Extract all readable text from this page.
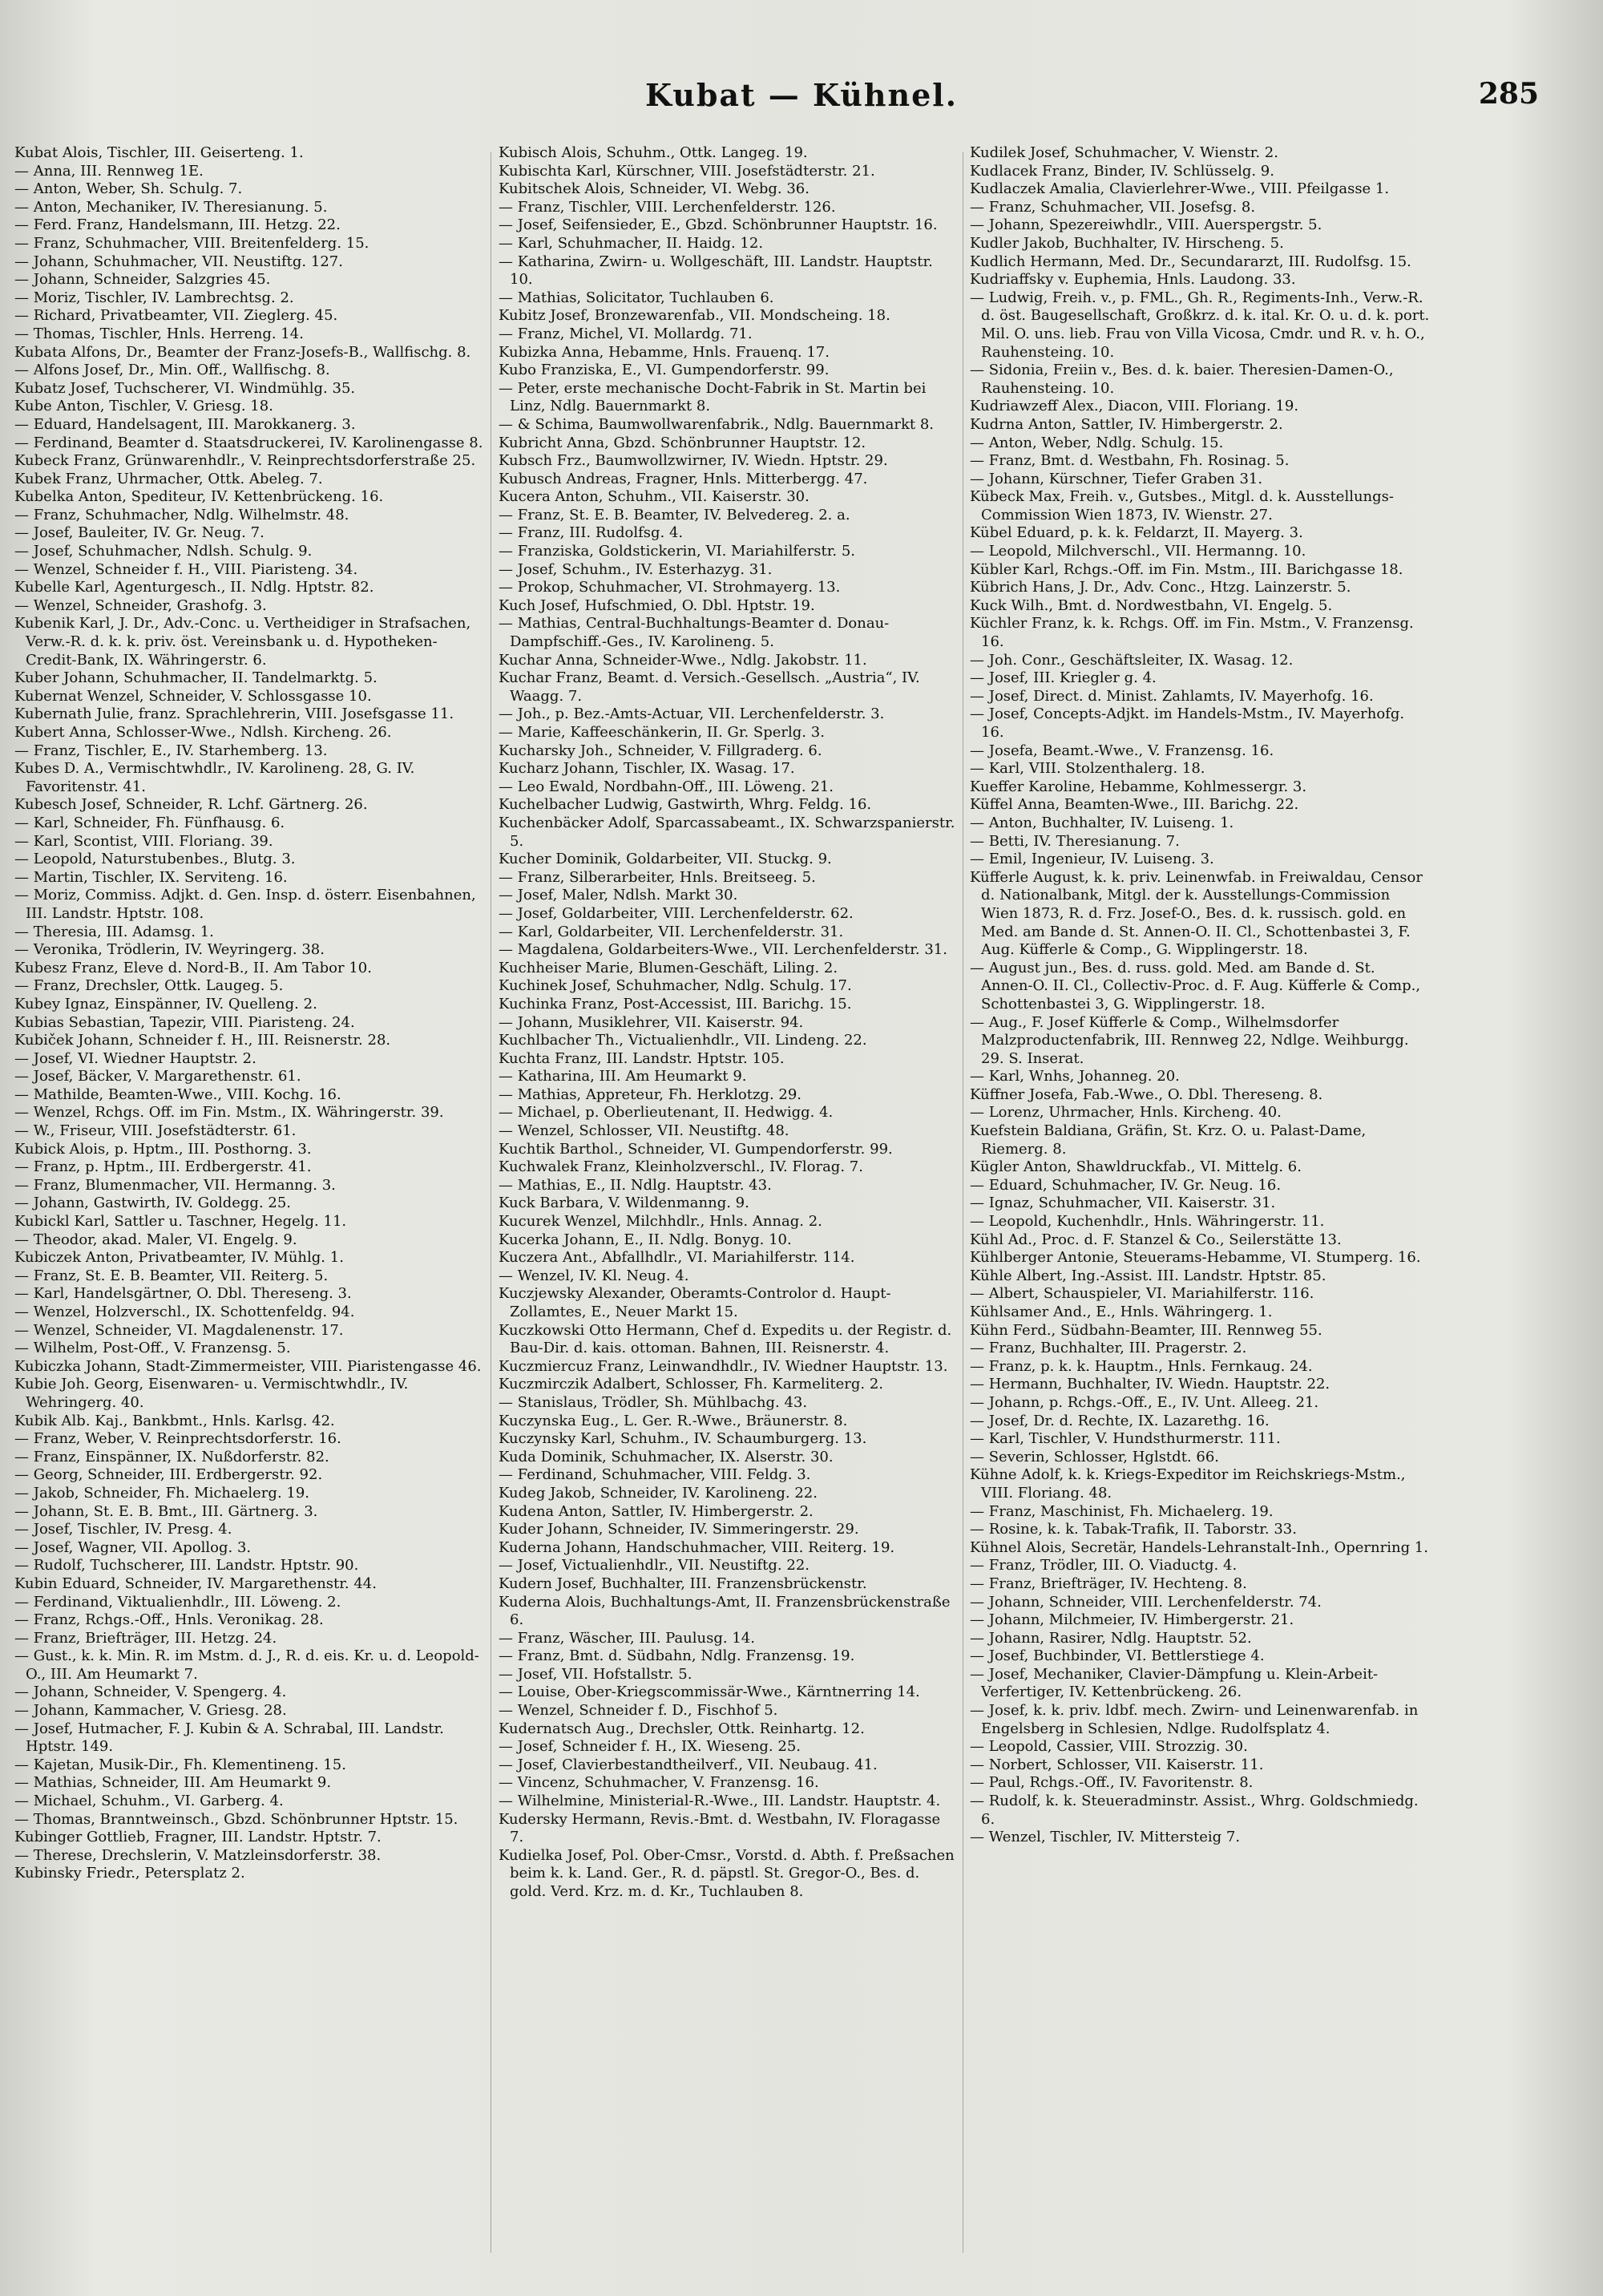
Kubat — Kühnel.	285

Kubat Alois, Tischler, III. Geiserteng. 1.

— Anna, III. Rennweg 1E.

— Anton, Weber, Sh. Schulg. 7.

— Anton, Mechaniker, IV. Theresianung. 5.

— Ferd. Franz, Handelsmann, III. Hetzg. 22.

— Franz, Schuhmacher, VIII. Breitenfelderg. 15.

— Johann, Schuhmacher, VII. Neustiftg. 127.

— Johann, Schneider, Salzgries 45.

— Moriz, Tischler, IV. Lambrechtsg. 2.

— Richard, Privatbeamter, VII. Zieglerg. 45.

— Thomas, Tischler, Hnls. Herreng. 14.

Kubata Alfons, Dr., Beamter der Franz-Josefs-B., Wallfischg. 8.

— Alfons Josef, Dr., Min. Off., Wallfischg. 8.

Kubatz Josef, Tuchscherer, VI. Windmühlg. 35.

Kube Anton, Tischler, V. Griesg. 18.

— Eduard, Handelsagent, III. Marokkanerg. 3.

— Ferdinand, Beamter d. Staatsdruckerei, IV. Karolinengasse 8.

Kubeck Franz, Grünwarenhdlr., V. Reinprechtsdorferstraße 25.

Kubek Franz, Uhrmacher, Ottk. Abeleg. 7.

Kubelka Anton, Spediteur, IV. Kettenbrückeng. 16.

— Franz, Schuhmacher, Ndlg. Wilhelmstr. 48.

— Josef, Bauleiter, IV. Gr. Neug. 7.

— Josef, Schuhmacher, Ndlsh. Schulg. 9.

— Wenzel, Schneider f. H., VIII. Piaristeng. 34.

Kubelle Karl, Agenturgesch., II. Ndlg. Hptstr. 82.

— Wenzel, Schneider, Grashofg. 3.

Kubenik Karl, J. Dr., Adv.-Conc. u. Vertheidiger in Strafsachen, Verw.-R. d. k. k. priv. öst. Vereinsbank u. d. Hypotheken-Credit-Bank, IX. Währingerstr. 6.

Kuber Johann, Schuhmacher, II. Tandelmarktg. 5.

Kubernat Wenzel, Schneider, V. Schlossgasse 10.

Kubernath Julie, franz. Sprachlehrerin, VIII. Josefsgasse 11.

Kubert Anna, Schlosser-Wwe., Ndlsh. Kircheng. 26.

— Franz, Tischler, E., IV. Starhemberg. 13.

Kubes D. A., Vermischtwhdlr., IV. Karolineng. 28, G. IV. Favoritenstr. 41.

Kubesch Josef, Schneider, R. Lchf. Gärtnerg. 26.

— Karl, Schneider, Fh. Fünfhausg. 6.

— Karl, Scontist, VIII. Floriang. 39.

— Leopold, Naturstubenbes., Blutg. 3.

— Martin, Tischler, IX. Serviteng. 16.

— Moriz, Commiss. Adjkt. d. Gen. Insp. d. österr. Eisenbahnen, III. Landstr. Hptstr. 108.

— Theresia, III. Adamsg. 1.

— Veronika, Trödlerin, IV. Weyringerg. 38.

Kubesz Franz, Eleve d. Nord-B., II. Am Tabor 10.

— Franz, Drechsler, Ottk. Laugeg. 5.

Kubey Ignaz, Einspänner, IV. Quelleng. 2.

Kubias Sebastian, Tapezir, VIII. Piaristeng. 24.

Kubiček Johann, Schneider f. H., III. Reisnerstr. 28.

— Josef, VI. Wiedner Hauptstr. 2.

— Josef, Bäcker, V. Margarethenstr. 61.

— Mathilde, Beamten-Wwe., VIII. Kochg. 16.

— Wenzel, Rchgs. Off. im Fin. Mstm., IX. Währingerstr. 39.

— W., Friseur, VIII. Josefstädterstr. 61.

Kubick Alois, p. Hptm., III. Posthorng. 3.

— Franz, p. Hptm., III. Erdbergerstr. 41.

— Franz, Blumenmacher, VII. Hermanng. 3.

— Johann, Gastwirth, IV. Goldegg. 25.

Kubickl Karl, Sattler u. Taschner, Hegelg. 11.

— Theodor, akad. Maler, VI. Engelg. 9.

Kubiczek Anton, Privatbeamter, IV. Mühlg. 1.

— Franz, St. E. B. Beamter, VII. Reiterg. 5.

— Karl, Handelsgärtner, O. Dbl. Thereseng. 3.

— Wenzel, Holzverschl., IX. Schottenfeldg. 94.

— Wenzel, Schneider, VI. Magdalenenstr. 17.

— Wilhelm, Post-Off., V. Franzensg. 5.

Kubiczka Johann, Stadt-Zimmermeister, VIII. Piaristengasse 46.

Kubie Joh. Georg, Eisenwaren- u. Vermischtwhdlr., IV. Wehringerg. 40.

Kubik Alb. Kaj., Bankbmt., Hnls. Karlsg. 42.

— Franz, Weber, V. Reinprechtsdorferstr. 16.

— Franz, Einspänner, IX. Nußdorferstr. 82.

— Georg, Schneider, III. Erdbergerstr. 92.

— Jakob, Schneider, Fh. Michaelerg. 19.

— Johann, St. E. B. Bmt., III. Gärtnerg. 3.

— Josef, Tischler, IV. Presg. 4.

— Josef, Wagner, VII. Apollog. 3.

— Rudolf, Tuchscherer, III. Landstr. Hptstr. 90.

Kubin Eduard, Schneider, IV. Margarethenstr. 44.

— Ferdinand, Viktualienhdlr., III. Löweng. 2.

— Franz, Rchgs.-Off., Hnls. Veronikag. 28.

— Franz, Briefträger, III. Hetzg. 24.

— Gust., k. k. Min. R. im Mstm. d. J., R. d. eis. Kr. u. d. Leopold-O., III. Am Heumarkt 7.

— Johann, Schneider, V. Spengerg. 4.

— Johann, Kammacher, V. Griesg. 28.

— Josef, Hutmacher, F. J. Kubin & A. Schrabal, III. Landstr. Hptstr. 149.

— Kajetan, Musik-Dir., Fh. Klementineng. 15.

— Mathias, Schneider, III. Am Heumarkt 9.

— Michael, Schuhm., VI. Garberg. 4.

— Thomas, Branntweinsch., Gbzd. Schönbrunner Hptstr. 15.

Kubinger Gottlieb, Fragner, III. Landstr. Hptstr. 7.

— Therese, Drechslerin, V. Matzleinsdorferstr. 38.

Kubinsky Friedr., Petersplatz 2.

Kubisch Alois, Schuhm., Ottk. Langeg. 19.

Kubischta Karl, Kürschner, VIII. Josefstädterstr. 21.

Kubitschek Alois, Schneider, VI. Webg. 36.

— Franz, Tischler, VIII. Lerchenfelderstr. 126.

— Josef, Seifensieder, E., Gbzd. Schönbrunner Hauptstr. 16.

— Karl, Schuhmacher, II. Haidg. 12.

— Katharina, Zwirn- u. Wollgeschäft, III. Landstr. Hauptstr. 10.

— Mathias, Solicitator, Tuchlauben 6.

Kubitz Josef, Bronzewarenfab., VII. Mondscheing. 18.

— Franz, Michel, VI. Mollardg. 71.

Kubizka Anna, Hebamme, Hnls. Frauenq. 17.

Kubo Franziska, E., VI. Gumpendorferstr. 99.

— Peter, erste mechanische Docht-Fabrik in St. Martin bei Linz, Ndlg. Bauernmarkt 8.

— & Schima, Baumwollwarenfabrik., Ndlg. Bauernmarkt 8.

Kubricht Anna, Gbzd. Schönbrunner Hauptstr. 12.

Kubsch Frz., Baumwollzwirner, IV. Wiedn. Hptstr. 29.

Kubusch Andreas, Fragner, Hnls. Mitterbergg. 47.

Kucera Anton, Schuhm., VII. Kaiserstr. 30.

— Franz, St. E. B. Beamter, IV. Belvedereg. 2. a.

— Franz, III. Rudolfsg. 4.

— Franziska, Goldstickerin, VI. Mariahilferstr. 5.

— Josef, Schuhm., IV. Esterhazyg. 31.

— Prokop, Schuhmacher, VI. Strohmayerg. 13.

Kuch Josef, Hufschmied, O. Dbl. Hptstr. 19.

— Mathias, Central-Buchhaltungs-Beamter d. Donau-Dampfschiff.-Ges., IV. Karolineng. 5.

Kuchar Anna, Schneider-Wwe., Ndlg. Jakobstr. 11.

Kuchar Franz, Beamt. d. Versich.-Gesellsch. „Austria“, IV. Waagg. 7.

— Joh., p. Bez.-Amts-Actuar, VII. Lerchenfelderstr. 3.

— Marie, Kaffeeschänkerin, II. Gr. Sperlg. 3.

Kucharsky Joh., Schneider, V. Fillgraderg. 6.

Kucharz Johann, Tischler, IX. Wasag. 17.

— Leo Ewald, Nordbahn-Off., III. Löweng. 21.

Kuchelbacher Ludwig, Gastwirth, Whrg. Feldg. 16.

Kuchenbäcker Adolf, Sparcassabeamt., IX. Schwarzspanierstr. 5.

Kucher Dominik, Goldarbeiter, VII. Stuckg. 9.

— Franz, Silberarbeiter, Hnls. Breitseeg. 5.

— Josef, Maler, Ndlsh. Markt 30.

— Josef, Goldarbeiter, VIII. Lerchenfelderstr. 62.

— Karl, Goldarbeiter, VII. Lerchenfelderstr. 31.

— Magdalena, Goldarbeiters-Wwe., VII. Lerchenfelderstr. 31.

Kuchheiser Marie, Blumen-Geschäft, Liling. 2.

Kuchinek Josef, Schuhmacher, Ndlg. Schulg. 17.

Kuchinka Franz, Post-Accessist, III. Barichg. 15.

— Johann, Musiklehrer, VII. Kaiserstr. 94.

Kuchlbacher Th., Victualienhdlr., VII. Lindeng. 22.

Kuchta Franz, III. Landstr. Hptstr. 105.

— Katharina, III. Am Heumarkt 9.

— Mathias, Appreteur, Fh. Herklotzg. 29.

— Michael, p. Oberlieutenant, II. Hedwigg. 4.

— Wenzel, Schlosser, VII. Neustiftg. 48.

Kuchtik Barthol., Schneider, VI. Gumpendorferstr. 99.

Kuchwalek Franz, Kleinholzverschl., IV. Florag. 7.

— Mathias, E., II. Ndlg. Hauptstr. 43.

Kuck Barbara, V. Wildenmanng. 9.

Kucurek Wenzel, Milchhdlr., Hnls. Annag. 2.

Kucerka Johann, E., II. Ndlg. Bonyg. 10.

Kuczera Ant., Abfallhdlr., VI. Mariahilferstr. 114.

— Wenzel, IV. Kl. Neug. 4.

Kuczjewsky Alexander, Oberamts-Controlor d. Haupt-Zollamtes, E., Neuer Markt 15.

Kuczkowski Otto Hermann, Chef d. Expedits u. der Registr. d. Bau-Dir. d. kais. ottoman. Bahnen, III. Reisnerstr. 4.

Kuczmiercuz Franz, Leinwandhdlr., IV. Wiedner Hauptstr. 13.

Kuczmirczik Adalbert, Schlosser, Fh. Karmeliterg. 2.

— Stanislaus, Trödler, Sh. Mühlbachg. 43.

Kuczynska Eug., L. Ger. R.-Wwe., Bräunerstr. 8.

Kuczynsky Karl, Schuhm., IV. Schaumburgerg. 13.

Kuda Dominik, Schuhmacher, IX. Alserstr. 30.

— Ferdinand, Schuhmacher, VIII. Feldg. 3.

Kudeg Jakob, Schneider, IV. Karolineng. 22.

Kudena Anton, Sattler, IV. Himbergerstr. 2.

Kuder Johann, Schneider, IV. Simmeringerstr. 29.

Kuderna Johann, Handschuhmacher, VIII. Reiterg. 19.

— Josef, Victualienhdlr., VII. Neustiftg. 22.

Kudern Josef, Buchhalter, III. Franzensbrückenstr.

Kuderna Alois, Buchhaltungs-Amt, II. Franzensbrückenstraße 6.

— Franz, Wäscher, III. Paulusg. 14.

— Franz, Bmt. d. Südbahn, Ndlg. Franzensg. 19.

— Josef, VII. Hofstallstr. 5.

— Louise, Ober-Kriegscommissär-Wwe., Kärntnerring 14.

— Wenzel, Schneider f. D., Fischhof 5.

Kudernatsch Aug., Drechsler, Ottk. Reinhartg. 12.

— Josef, Schneider f. H., IX. Wieseng. 25.

— Josef, Clavierbestandtheilverf., VII. Neubaug. 41.

— Vincenz, Schuhmacher, V. Franzensg. 16.

— Wilhelmine, Ministerial-R.-Wwe., III. Landstr. Hauptstr. 4.

Kudersky Hermann, Revis.-Bmt. d. Westbahn, IV. Floragasse 7.

Kudielka Josef, Pol. Ober-Cmsr., Vorstd. d. Abth. f. Preßsachen beim k. k. Land. Ger., R. d. päpstl. St. Gregor-O., Bes. d. gold. Verd. Krz. m. d. Kr., Tuchlauben 8.

Kudilek Josef, Schuhmacher, V. Wienstr. 2.

Kudlacek Franz, Binder, IV. Schlüsselg. 9.

Kudlaczek Amalia, Clavierlehrer-Wwe., VIII. Pfeilgasse 1.

— Franz, Schuhmacher, VII. Josefsg. 8.

— Johann, Spezereiwhdlr., VIII. Auerspergstr. 5.

Kudler Jakob, Buchhalter, IV. Hirscheng. 5.

Kudlich Hermann, Med. Dr., Secundararzt, III. Rudolfsg. 15.

Kudriaffsky v. Euphemia, Hnls. Laudong. 33.

— Ludwig, Freih. v., p. FML., Gh. R., Regiments-Inh., Verw.-R. d. öst. Baugesellschaft, Großkrz. d. k. ital. Kr. O. u. d. k. port. Mil. O. uns. lieb. Frau von Villa Vicosa, Cmdr. und R. v. h. O., Rauhensteing. 10.

— Sidonia, Freiin v., Bes. d. k. baier. Theresien-Damen-O., Rauhensteing. 10.

Kudriawzeff Alex., Diacon, VIII. Floriang. 19.

Kudrna Anton, Sattler, IV. Himbergerstr. 2.

— Anton, Weber, Ndlg. Schulg. 15.

— Franz, Bmt. d. Westbahn, Fh. Rosinag. 5.

— Johann, Kürschner, Tiefer Graben 31.

Kübeck Max, Freih. v., Gutsbes., Mitgl. d. k. Ausstellungs-Commission Wien 1873, IV. Wienstr. 27.

Kübel Eduard, p. k. k. Feldarzt, II. Mayerg. 3.

— Leopold, Milchverschl., VII. Hermanng. 10.

Kübler Karl, Rchgs.-Off. im Fin. Mstm., III. Barichgasse 18.

Kübrich Hans, J. Dr., Adv. Conc., Htzg. Lainzerstr. 5.

Kuck Wilh., Bmt. d. Nordwestbahn, VI. Engelg. 5.

Küchler Franz, k. k. Rchgs. Off. im Fin. Mstm., V. Franzensg. 16.

— Joh. Conr., Geschäftsleiter, IX. Wasag. 12.

— Josef, III. Kriegler g. 4.

— Josef, Direct. d. Minist. Zahlamts, IV. Mayerhofg. 16.

— Josef, Concepts-Adjkt. im Handels-Mstm., IV. Mayerhofg. 16.

— Josefa, Beamt.-Wwe., V. Franzensg. 16.

— Karl, VIII. Stolzenthalerg. 18.

Kueffer Karoline, Hebamme, Kohlmessergr. 3.

Küffel Anna, Beamten-Wwe., III. Barichg. 22.

— Anton, Buchhalter, IV. Luiseng. 1.

— Betti, IV. Theresianung. 7.

— Emil, Ingenieur, IV. Luiseng. 3.

Küfferle August, k. k. priv. Leinenwfab. in Freiwaldau, Censor d. Nationalbank, Mitgl. der k. Ausstellungs-Commission Wien 1873, R. d. Frz. Josef-O., Bes. d. k. russisch. gold. en Med. am Bande d. St. Annen-O. II. Cl., Schottenbastei 3, F. Aug. Küfferle & Comp., G. Wipplingerstr. 18.

— August jun., Bes. d. russ. gold. Med. am Bande d. St. Annen-O. II. Cl., Collectiv-Proc. d. F. Aug. Küfferle & Comp., Schottenbastei 3, G. Wipplingerstr. 18.

— Aug., F. Josef Küfferle & Comp., Wilhelmsdorfer Malzproductenfabrik, III. Rennweg 22, Ndlge. Weihburgg. 29. S. Inserat.

— Karl, Wnhs, Johanneg. 20.

Küffner Josefa, Fab.-Wwe., O. Dbl. Thereseng. 8.

— Lorenz, Uhrmacher, Hnls. Kircheng. 40.

Kuefstein Baldiana, Gräfin, St. Krz. O. u. Palast-Dame, Riemerg. 8.

Kügler Anton, Shawldruckfab., VI. Mittelg. 6.

— Eduard, Schuhmacher, IV. Gr. Neug. 16.

— Ignaz, Schuhmacher, VII. Kaiserstr. 31.

— Leopold, Kuchenhdlr., Hnls. Währingerstr. 11.

Kühl Ad., Proc. d. F. Stanzel & Co., Seilerstätte 13.

Kühlberger Antonie, Steuerams-Hebamme, VI. Stumperg. 16.

Kühle Albert, Ing.-Assist. III. Landstr. Hptstr. 85.

— Albert, Schauspieler, VI. Mariahilferstr. 116.

Kühlsamer And., E., Hnls. Währingerg. 1.

Kühn Ferd., Südbahn-Beamter, III. Rennweg 55.

— Franz, Buchhalter, III. Pragerstr. 2.

— Franz, p. k. k. Hauptm., Hnls. Fernkaug. 24.

— Hermann, Buchhalter, IV. Wiedn. Hauptstr. 22.

— Johann, p. Rchgs.-Off., E., IV. Unt. Alleeg. 21.

— Josef, Dr. d. Rechte, IX. Lazarethg. 16.

— Karl, Tischler, V. Hundsthurmerstr. 111.

— Severin, Schlosser, Hglstdt. 66.

Kühne Adolf, k. k. Kriegs-Expeditor im Reichskriegs-Mstm., VIII. Floriang. 48.

— Franz, Maschinist, Fh. Michaelerg. 19.

— Rosine, k. k. Tabak-Trafik, II. Taborstr. 33.

Kühnel Alois, Secretär, Handels-Lehranstalt-Inh., Opernring 1.

— Franz, Trödler, III. O. Viaductg. 4.

— Franz, Briefträger, IV. Hechteng. 8.

— Johann, Schneider, VIII. Lerchenfelderstr. 74.

— Johann, Milchmeier, IV. Himbergerstr. 21.

— Johann, Rasirer, Ndlg. Hauptstr. 52.

— Josef, Buchbinder, VI. Bettlerstiege 4.

— Josef, Mechaniker, Clavier-Dämpfung u. Klein-Arbeit-Verfertiger, IV. Kettenbrückeng. 26.

— Josef, k. k. priv. ldbf. mech. Zwirn- und Leinenwarenfab. in Engelsberg in Schlesien, Ndlge. Rudolfsplatz 4.

— Leopold, Cassier, VIII. Strozzig. 30.

— Norbert, Schlosser, VII. Kaiserstr. 11.

— Paul, Rchgs.-Off., IV. Favoritenstr. 8.

— Rudolf, k. k. Steueradminstr. Assist., Whrg. Goldschmiedg. 6.

— Wenzel, Tischler, IV. Mittersteig 7.
